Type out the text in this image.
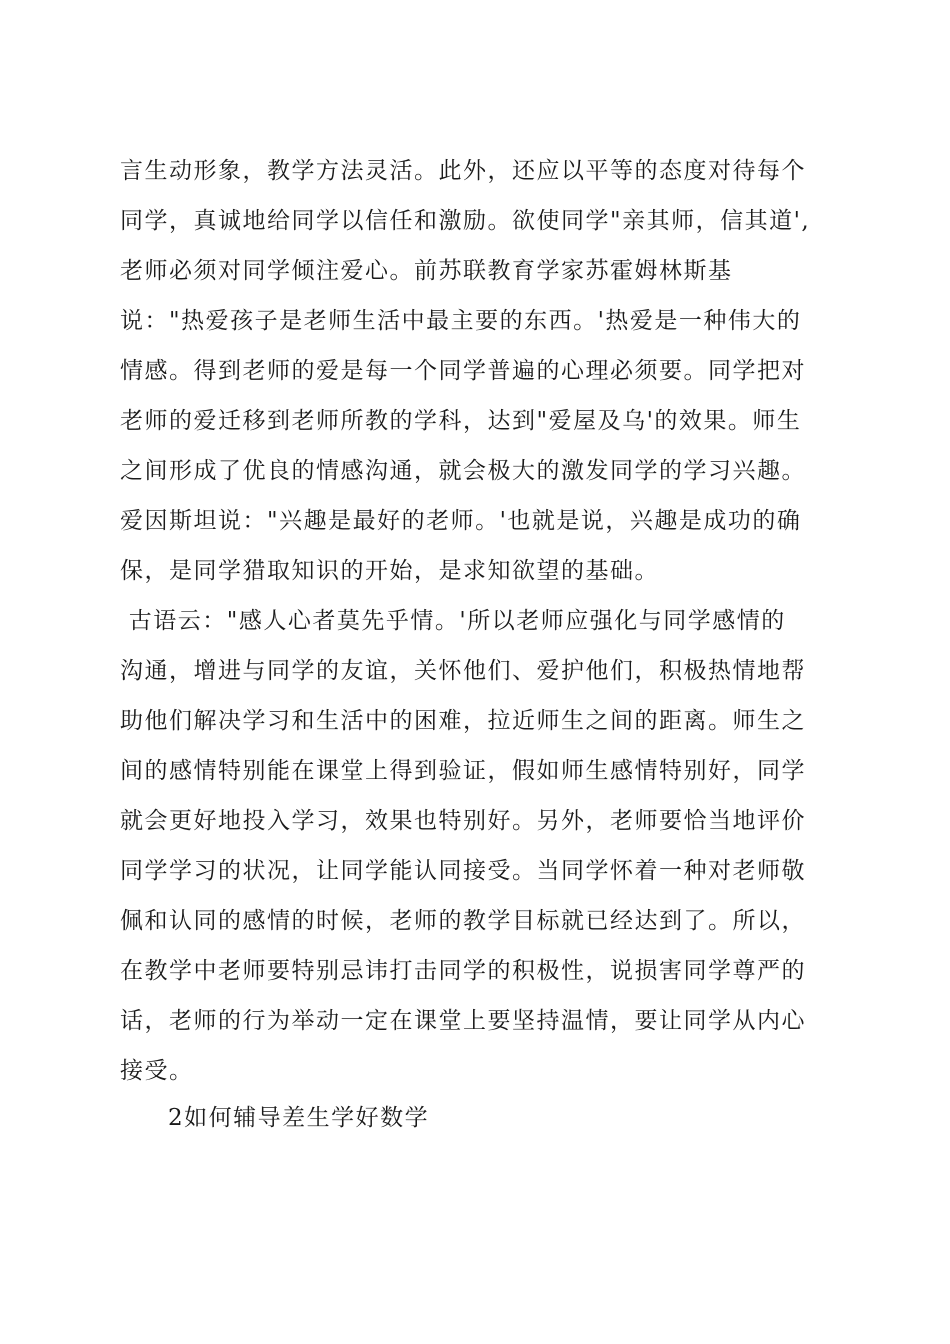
言生动形象，教学方法灵活。此外，还应以平等的态度对待每个
同学，真诚地给同学以信任和激励。欲使同学"亲其师，信其道',
老师必须对同学倾注爱心。前苏联教育学家苏霍姆林斯基
说："热爱孩子是老师生活中最主要的东西。'热爱是一种伟大的
情感。得到老师的爱是每一个同学普遍的心理必须要。同学把对
老师的爱迁移到老师所教的学科，达到"爱屋及乌'的效果。师生
之间形成了优良的情感沟通，就会极大的激发同学的学习兴趣。
爱因斯坦说："兴趣是最好的老师。'也就是说，兴趣是成功的确
保，是同学猎取知识的开始，是求知欲望的基础。
古语云："感人心者莫先乎情。'所以老师应强化与同学感情的
沟通，增进与同学的友谊，关怀他们、爱护他们，积极热情地帮
助他们解决学习和生活中的困难，拉近师生之间的距离。师生之
间的感情特别能在课堂上得到验证，假如师生感情特别好，同学
就会更好地投入学习，效果也特别好。另外，老师要恰当地评价
同学学习的状况，让同学能认同接受。当同学怀着一种对老师敬
佩和认同的感情的时候，老师的教学目标就已经达到了。所以，
在教学中老师要特别忌讳打击同学的积极性，说损害同学尊严的
话，老师的行为举动一定在课堂上要坚持温情，要让同学从内心
接受。
2如何辅导差生学好数学
